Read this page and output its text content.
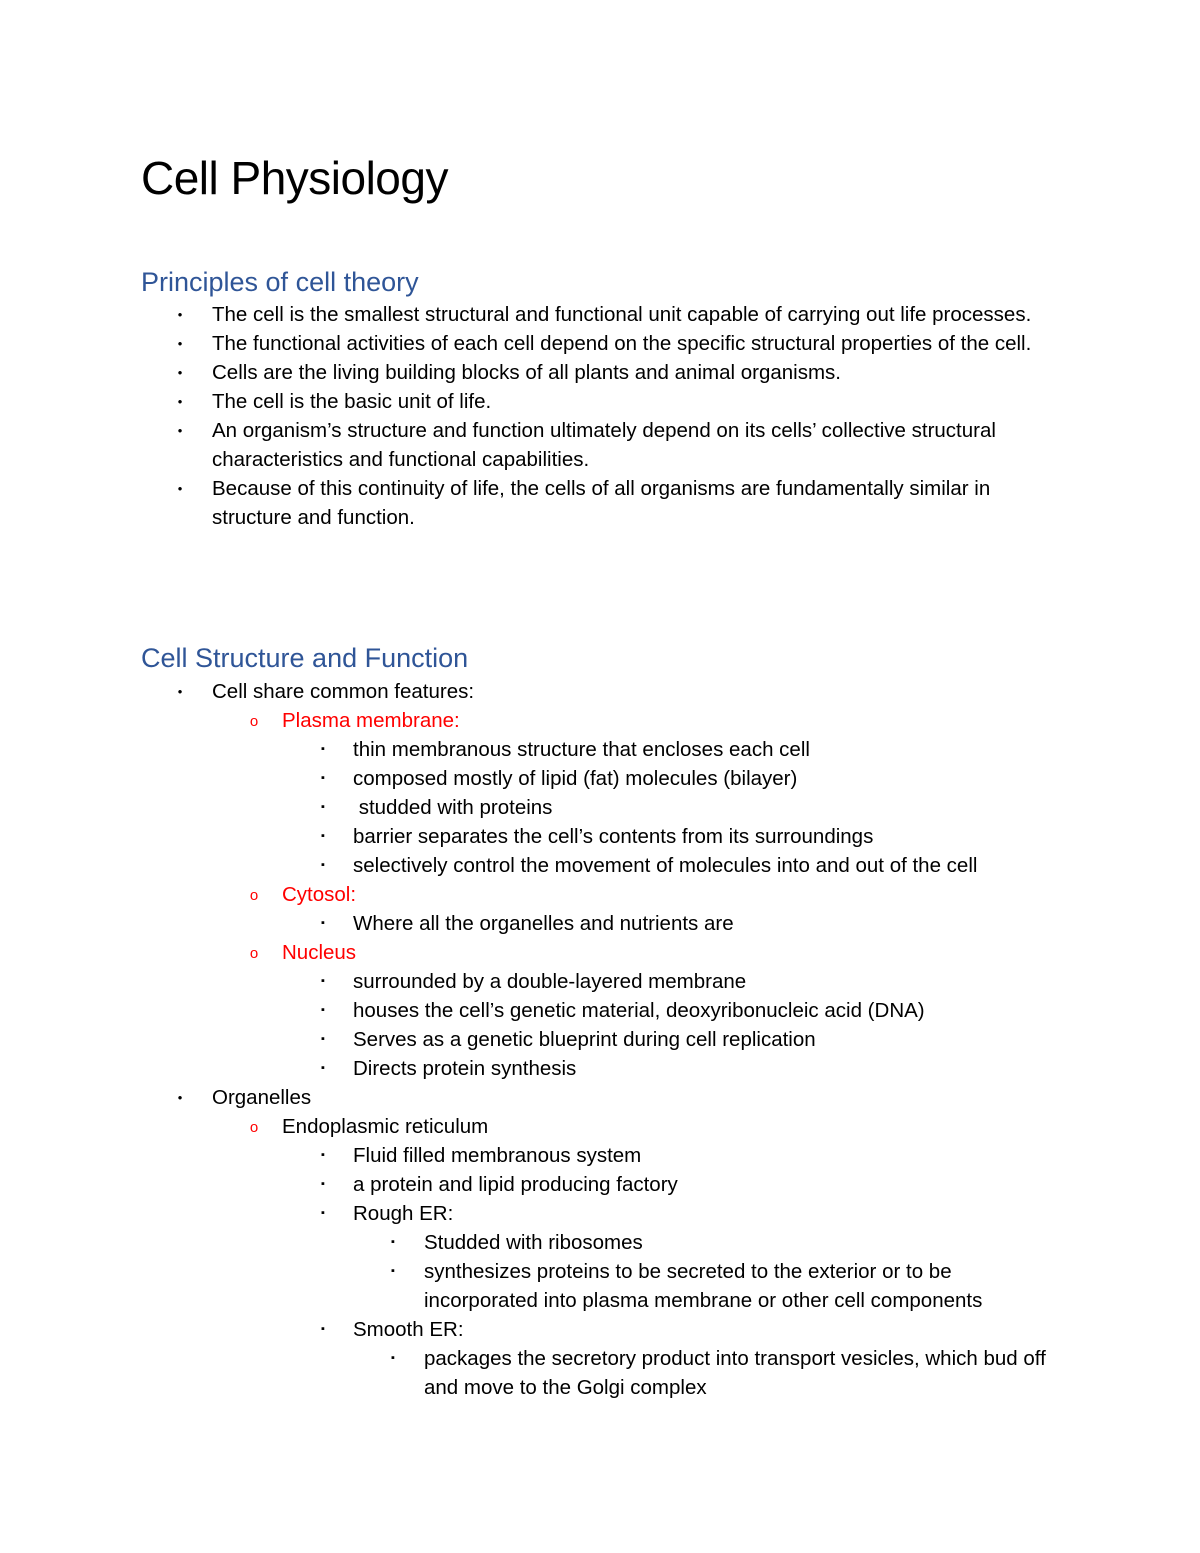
Cell Physiology
Principles of cell theory
•	The cell is the smallest structural and functional unit capable of carrying out life processes.
•	The functional activities of each cell depend on the specific structural properties of the cell.
•	Cells are the living building blocks of all plants and animal organisms.
•	The cell is the basic unit of life.
•	An organism’s structure and function ultimately depend on its cells’ collective structural characteristics and functional capabilities.
•	Because of this continuity of life, the cells of all organisms are fundamentally similar in structure and function.
Cell Structure and Function
•	Cell share common features:
o Plasma membrane:
▪	thin membranous structure that encloses each cell
▪	composed mostly of lipid (fat) molecules (bilayer)
▪	studded with proteins
▪	barrier separates the cell’s contents from its surroundings
▪	selectively control the movement of molecules into and out of the cell
o Cytosol:
▪	Where all the organelles and nutrients are
o Nucleus
▪	surrounded by a double-layered membrane
▪	houses the cell’s genetic material, deoxyribonucleic acid (DNA)
▪	Serves as a genetic blueprint during cell replication
▪	Directs protein synthesis
•	Organelles
o Endoplasmic reticulum
▪	Fluid filled membranous system
▪	a protein and lipid producing factory
▪	Rough ER:
▪	Studded with ribosomes
▪	synthesizes proteins to be secreted to the exterior or to be incorporated into plasma membrane or other cell components
▪	Smooth ER:
▪	packages the secretory product into transport vesicles, which bud off and move to the Golgi complex
